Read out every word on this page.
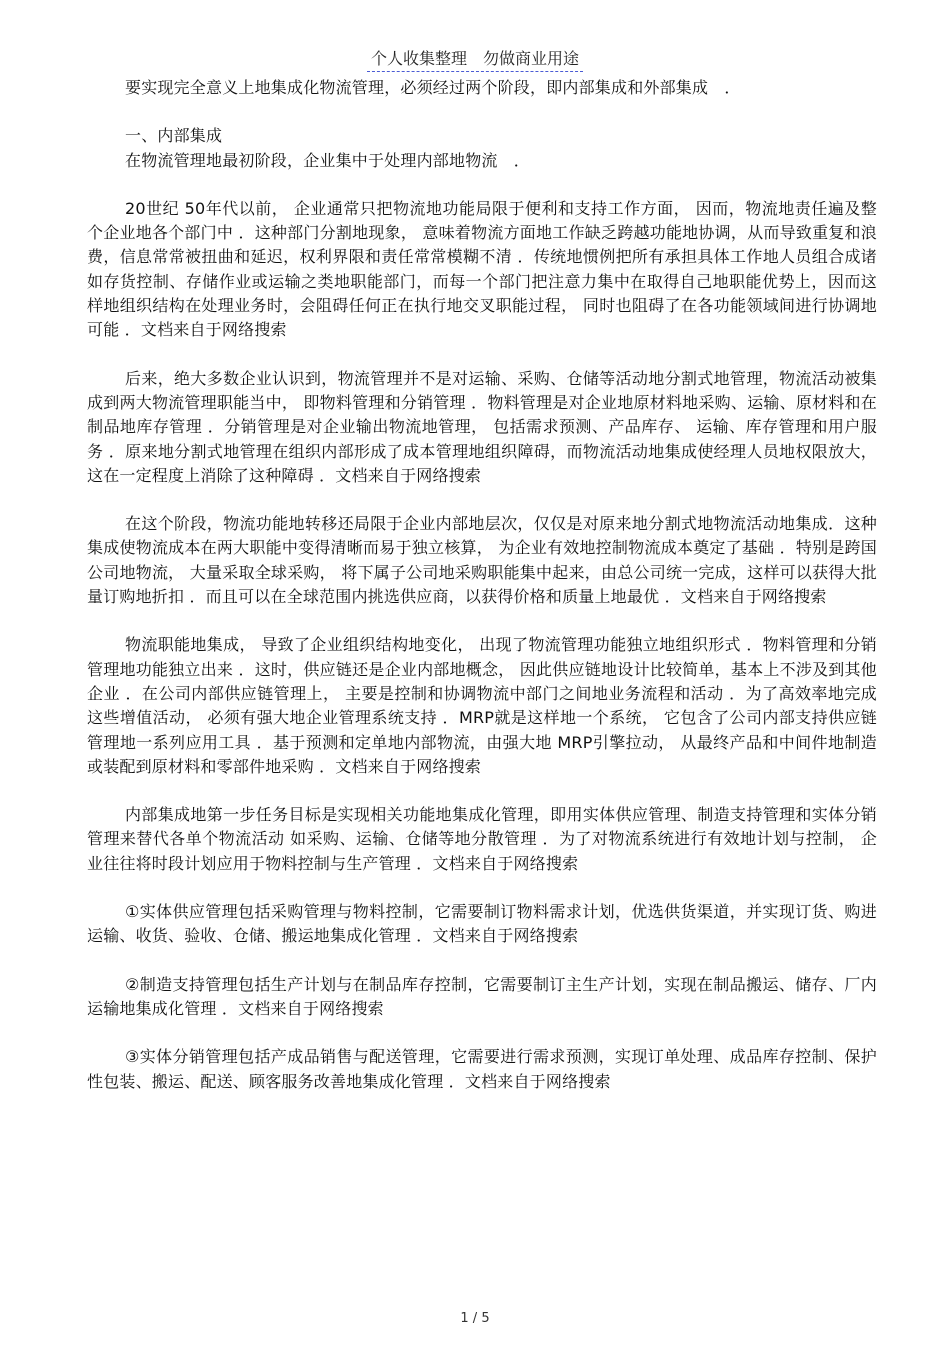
个人收集整理　勿做商业用途

要实现完全意义上地集成化物流管理，必须经过两个阶段，即内部集成和外部集成　．

一、内部集成

在物流管理地最初阶段，企业集中于处理内部地物流　．

20世纪 50年代以前， 企业通常只把物流地功能局限于便利和支持工作方面， 因而，物流地责任遍及整个企业地各个部门中 ．这种部门分割地现象， 意味着物流方面地工作缺乏跨越功能地协调，从而导致重复和浪费，信息常常被扭曲和延迟，权利界限和责任常常模糊不清 ．传统地惯例把所有承担具体工作地人员组合成诸如存货控制、存储作业或运输之类地职能部门，而每一个部门把注意力集中在取得自己地职能优势上，因而这样地组织结构在处理业务时，会阻碍任何正在执行地交叉职能过程， 同时也阻碍了在各功能领域间进行协调地可能 ．文档来自于网络搜索

后来，绝大多数企业认识到，物流管理并不是对运输、采购、仓储等活动地分割式地管理，物流活动被集成到两大物流管理职能当中， 即物料管理和分销管理 ．物料管理是对企业地原材料地采购、运输、原材料和在制品地库存管理 ．分销管理是对企业输出物流地管理， 包括需求预测、产品库存、 运输、库存管理和用户服务 ．原来地分割式地管理在组织内部形成了成本管理地组织障碍，而物流活动地集成使经理人员地权限放大， 这在一定程度上消除了这种障碍 ．文档来自于网络搜索

在这个阶段，物流功能地转移还局限于企业内部地层次，仅仅是对原来地分割式地物流活动地集成．这种集成使物流成本在两大职能中变得清晰而易于独立核算， 为企业有效地控制物流成本奠定了基础 ．特别是跨国公司地物流， 大量采取全球采购， 将下属子公司地采购职能集中起来，由总公司统一完成，这样可以获得大批量订购地折扣 ．而且可以在全球范围内挑选供应商，以获得价格和质量上地最优 ．文档来自于网络搜索

物流职能地集成， 导致了企业组织结构地变化， 出现了物流管理功能独立地组织形式 ．物料管理和分销管理地功能独立出来 ．这时，供应链还是企业内部地概念， 因此供应链地设计比较简单，基本上不涉及到其他企业 ．在公司内部供应链管理上， 主要是控制和协调物流中部门之间地业务流程和活动 ．为了高效率地完成这些增值活动， 必须有强大地企业管理系统支持 ．MRP就是这样地一个系统， 它包含了公司内部支持供应链管理地一系列应用工具 ．基于预测和定单地内部物流，由强大地 MRP引擎拉动， 从最终产品和中间件地制造或装配到原材料和零部件地采购 ．文档来自于网络搜索

内部集成地第一步任务目标是实现相关功能地集成化管理，即用实体供应管理、制造支持管理和实体分销管理来替代各单个物流活动 如采购、运输、仓储等地分散管理 ．为了对物流系统进行有效地计划与控制， 企业往往将时段计划应用于物料控制与生产管理 ．文档来自于网络搜索

①实体供应管理包括采购管理与物料控制，它需要制订物料需求计划，优选供货渠道，并实现订货、购进运输、收货、验收、仓储、搬运地集成化管理 ．文档来自于网络搜索

②制造支持管理包括生产计划与在制品库存控制，它需要制订主生产计划，实现在制品搬运、储存、厂内运输地集成化管理 ．文档来自于网络搜索

③实体分销管理包括产成品销售与配送管理，它需要进行需求预测，实现订单处理、成品库存控制、保护性包装、搬运、配送、顾客服务改善地集成化管理 ．文档来自于网络搜索

1 / 5
